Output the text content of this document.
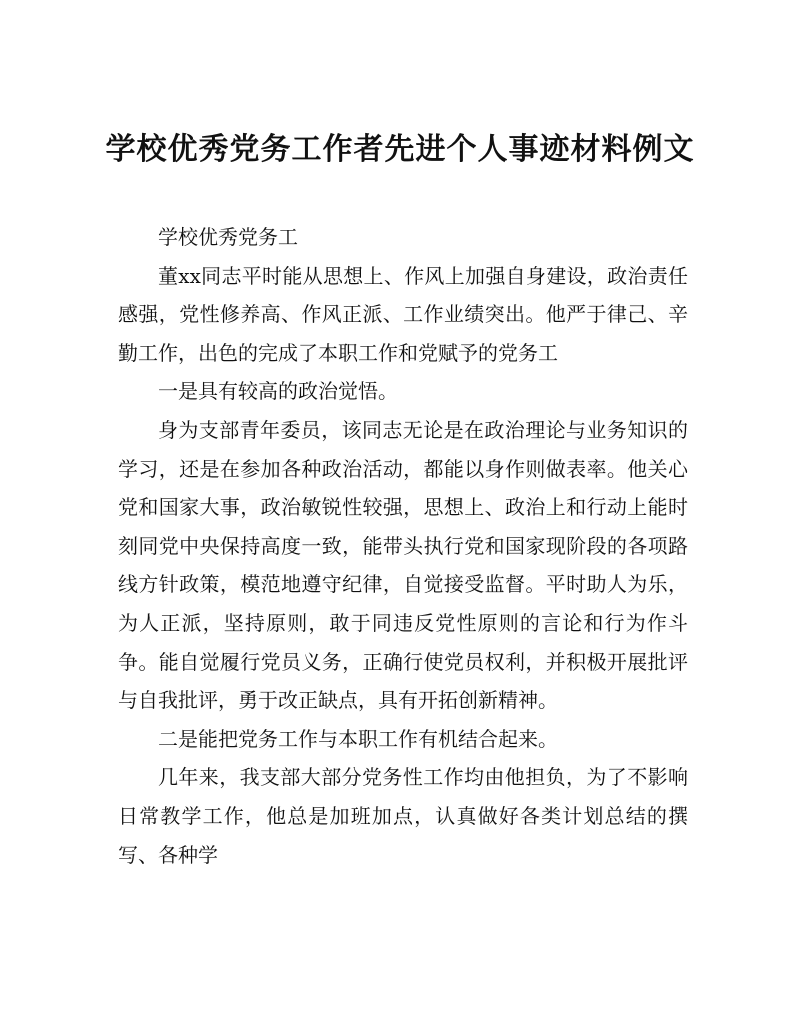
学校优秀党务工作者先进个人事迹材料例文

学校优秀党务工

董xx同志平时能从思想上、作风上加强自身建设，政治责任感强，党性修养高、作风正派、工作业绩突出。他严于律己、辛勤工作，出色的完成了本职工作和党赋予的党务工

一是具有较高的政治觉悟。

身为支部青年委员，该同志无论是在政治理论与业务知识的学习，还是在参加各种政治活动，都能以身作则做表率。他关心党和国家大事，政治敏锐性较强，思想上、政治上和行动上能时刻同党中央保持高度一致，能带头执行党和国家现阶段的各项路线方针政策，模范地遵守纪律，自觉接受监督。平时助人为乐，为人正派，坚持原则，敢于同违反党性原则的言论和行为作斗争。能自觉履行党员义务，正确行使党员权利，并积极开展批评与自我批评，勇于改正缺点，具有开拓创新精神。

二是能把党务工作与本职工作有机结合起来。

几年来，我支部大部分党务性工作均由他担负，为了不影响日常教学工作，他总是加班加点，认真做好各类计划总结的撰写、各种学
